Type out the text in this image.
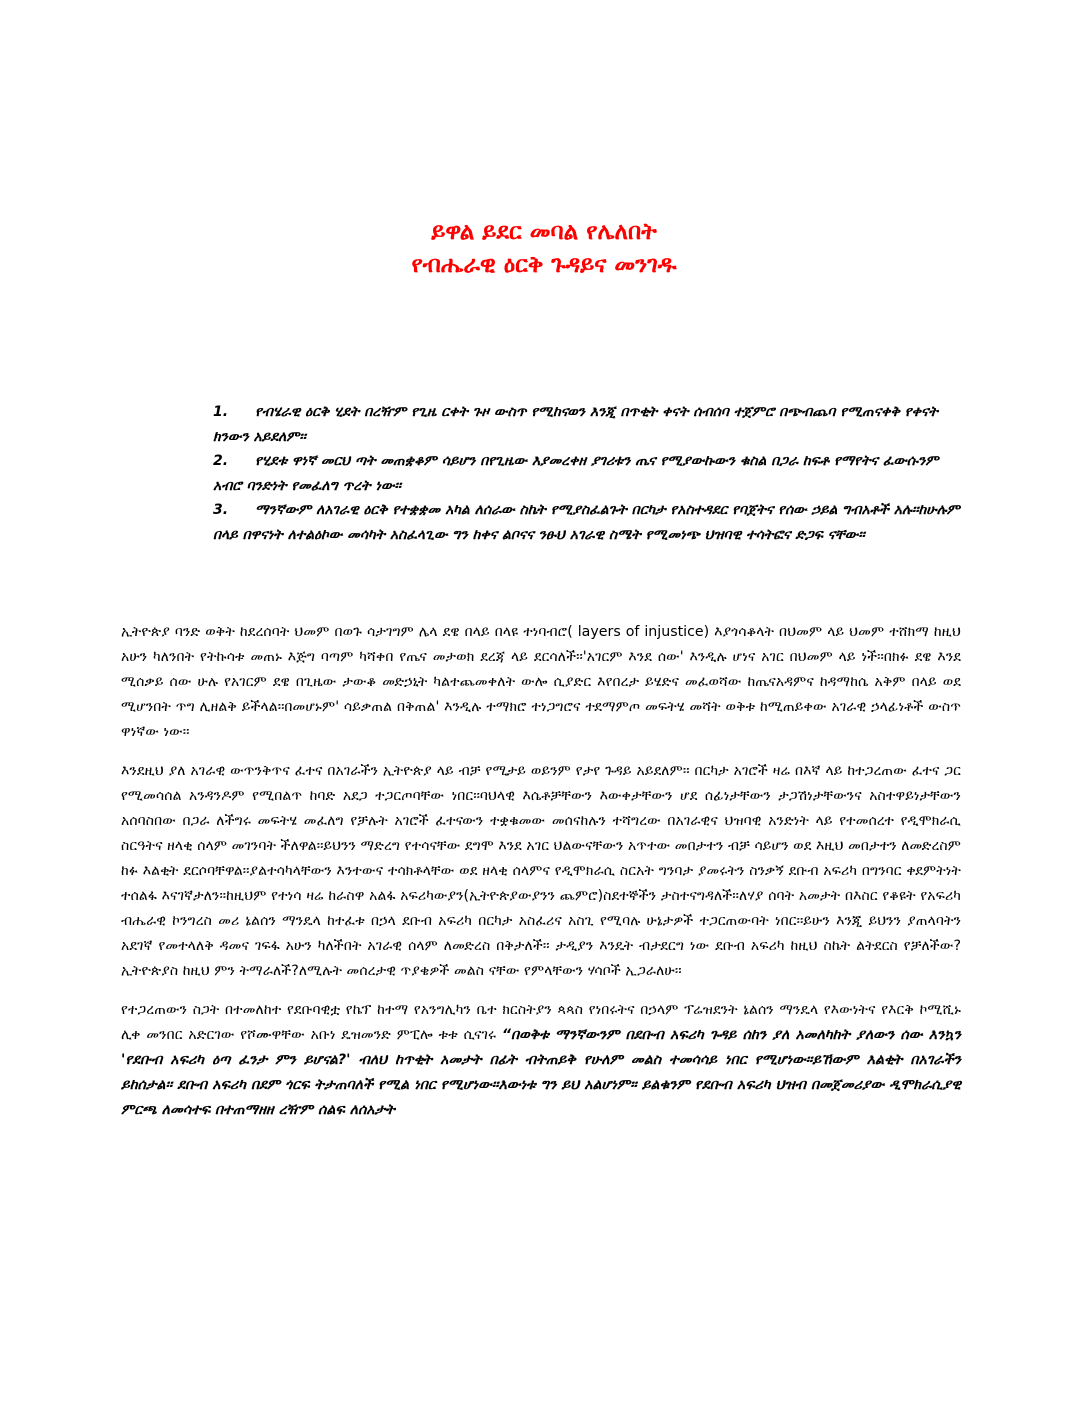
ይዋል ይደር መባል የሌለበት
የብሔራዊ ዕርቅ ጉዳይና መንገዱ
1. የብሄራዊ ዕርቅ ሂደት በረዥም የጊዜ ርቀት ጉዞ ውስጥ የሚከናወን እንጂ በጥቂት ቀናት ሰብሰባ ተጀምሮ በጭብጨባ የሚጠናቀቅ የቀናት ክንውን አይደለም፡፡
2. የሂደቱ ዋነኛ መርህ ጣት መጠቋቆም ሳይሆን በየጊዜው እያመረቀዘ ያገሪቱን ጤና የሚያውኩውን ቁስል በጋራ ከፍቶ የማየትና ፈውሱንም አብሮ ባንድነት የመፈለግ ጥረት ነው፡፡
3. ማንኛውም ለአገራዊ ዕርቅ የተቋቋመ አካል ለሰራው ስኬት የሚያስፈልጉት በርካታ የአስተዳደር የባጀትና የሰው ኃይል ግብአቶች አሉ፡፡ከሁሉም በላይ በዋናነት ለተልዕኮው መሳካት አስፈላጊው ግን ከቀና ልቦናና ንፁህ አገራዊ ስሜት የሚመነጭ ህዝባዊ ተሳትፎና ድጋፍ ናቸው፡፡

ኢትዮጵያ ባንድ ወቅት ከደረሰባት ህመም በወጉ ሳታገግም ሌላ ደዌ በላይ በላዩ ተነባብሮ( layers of injustice) እያጎሳቆላት በህመም ላይ ህመም ተሸክማ ከዚህ አሁን ካለንበት የትኩሳቱ መጠኑ እጅግ ባጣም ካሻቀበ የጤና መታወክ ደረጃ ላይ ደርሳለች፡፡'አገርም እንደ ሰው' እንዲሉ ሆነና አገር በህመም ላይ ነች፡፡በክፉ ደዌ እንደ ሚሰቃይ ሰው ሁሉ የአገርም ደዌ በጊዜው ታውቆ መድኃኒት ካልተጨመቀለት ውሎ ሲያድር እየበረታ ይሄድና መፈወሻው ከጤናአዳምና ከዳማከሴ አቅም በላይ ወደ ሚሆንበት ጥግ ሊዘልቅ ይችላል፡፡በመሆኑም' ሳይቃጠል በቅጠል' እንዲሉ ተማክሮ ተነጋግሮና ተደማምጦ መፍትሄ መሻት ወቅቱ ከሚጠይቀው አገራዊ ኃላፊነቶች ውስጥ ዋነኛው ነው፡፡

እንደዚህ ያለ አገራዊ ውጥንቅጥና ፈተና በአገራችን ኢትዮጵያ ላይ ብቻ የሚታይ ወይንም የታየ ጉዳይ አይደለም፡፡ በርካታ አገሮች ዛሬ በእኛ ላይ ከተጋረጠው ፈተና ጋር የሚመሳሰል አንዳንዶም የሚበልጥ ከባድ አደጋ ተጋርጦባቸው ነበር፡፡ባህላዊ እሴቶቻቸውን እውቀታቸውን ሆደ ሰፊነታቸውን ታጋሽነታቸውንና አስተዋይነታቸውን አሰባስበው በጋራ ለችግሩ መፍትሄ መፈለግ የቻሉት አገሮች ፈተናውን ተቋቁመው መሰናከሉን ተሻግረው በአገራዊና ህዝባዊ አንድነት ላይ የተመሰረተ የዲሞክራሲ ስርዓትና ዘላቂ ሰላም መገንባት ችለዋል፡፡ይህንን ማድረግ የተሳናቸው ደግሞ እንደ አገር ህልውናቸውን አጥተው መበታተን ብቻ ሳይሆን ወደ እዚህ መበታተን ለመድረስም ከፉ እልቂት ደርሶባቸዋል፡፡ያልተሳካላቸውን እንተውና ተሳክቶላቸው ወደ ዘላቂ ሰላምና የዲሞክራሲ ስርአት ግንባታ ያመሩትን ስንቃኝ ደቡብ አፍሪካ በግንባር ቀደምትነት ተሰልፋ እናገኛታለን፡፡ከዚህም የተነሳ ዛሬ ከራስዋ አልፋ አፍሪካውያን(ኢትዮጵያውያንን ጨምሮ)ስደተኞችን ታስተናግዳለች፡፡ለሃያ ሰባት አመታት በእስር የቆዩት የአፍሪካ ብሔራዊ ኮንግረስ መሪ ኔልሰን ማንዴላ ከተፈቱ በኃላ ደቡብ አፍሪካ በርካታ አስፈሪና አስጊ የሚባሉ ሁኔታዎች ተጋርጠውባት ነበር፡፡ይሁን እንጂ ይህንን ያጠላባትን አደገኛ የመተላለቅ ዳመና ገፍፋ አሁን ካለችበት አገራዊ ሰላም ለመድረስ በቅታለች፡፡ ታዲያን እንዴት ብታደርግ ነው ደቡብ አፍሪካ ከዚህ ስኬት ልትደርስ የቻለችው? ኢትዮጵያስ ከዚህ ምን ትማራለች?ለሚሉት መሰረታዊ ጥያቄዎች መልስ ናቸው የምላቸውን ሃሳቦች ኢጋራለሁ፡፡

የተጋረጠውን ስጋት በተመለከተ የደቡባዊቷ የኬፕ ከተማ የአንግሊካን ቤተ ክርስትያን ጳጳስ የነበሩትና በኃላም ፕሬዝደንት ኔልሰን ማንዴላ የእውነትና የእርቅ ኮሚሺኑ ሊቀ መንበር አድርገው የሾሙዋቸው አቡነ ዴዝመንድ ምፒሎ ቱቱ ሲናገሩ “በወቅቱ ማንኛውንም በደቡብ አፍሪካ ጉዳይ ሰከን ያለ አመለካከት ያለውን ሰው እንኳን 'የደቡብ አፍሪካ ዕጣ ፈንታ ምን ይሆናል?' ብለህ ከጥቂት አመታት በፊት ብትጠይቅ የሁለም መልስ ተመሳሳይ ነበር የሚሆነው፡፡ይኸውም እልቂት በአገራችን ይከሰታል፡፡ ደቡብ አፍሪካ በደም ጎርፍ ትታጠባለች የሚል ነበር የሚሆነው፡፡እውነቱ ግን ይህ አልሆነም፡፡ ይልቁንም የደቡብ አፍሪካ ህዝብ በመጀመሪያው ዲሞክራሲያዊ ምርጫ ለመሳተፍ በተጠማዘዘ ረዥም ሰልፍ ለሰአታት
